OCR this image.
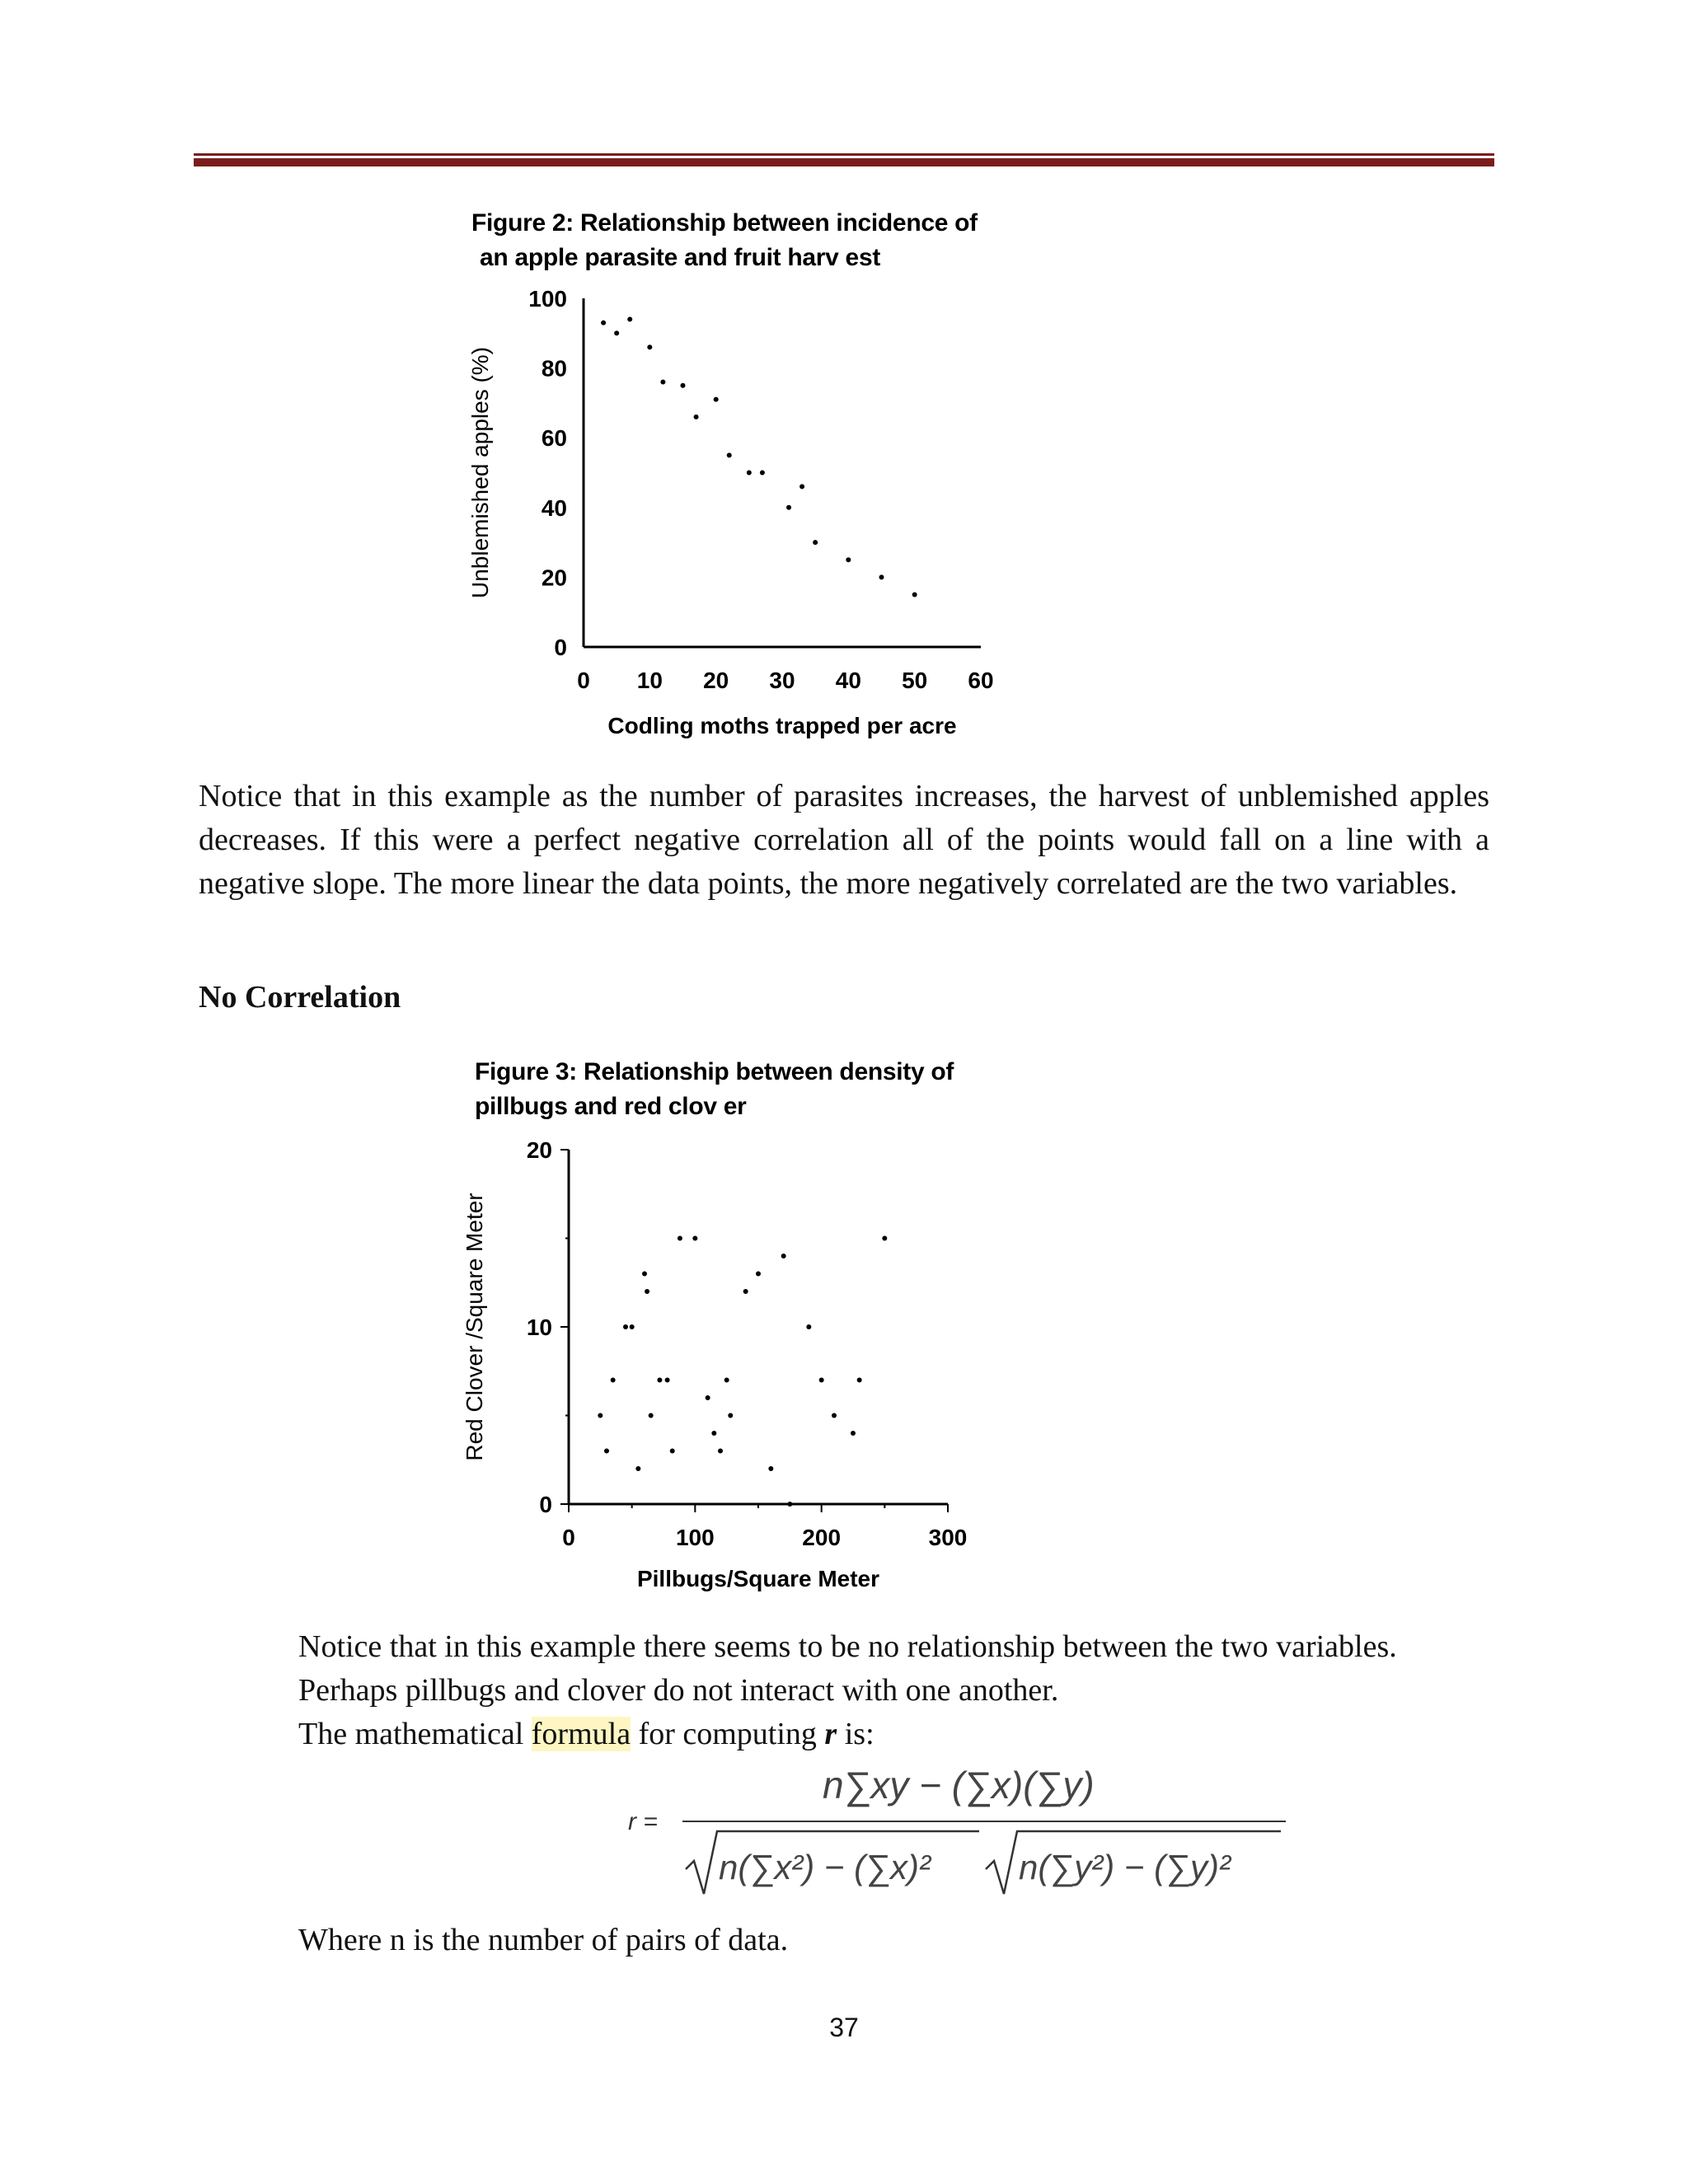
Figure 2: Relationship between incidence of
an apple parasite and fruit harv est
0
20
40
60
80
100
0 10 20 30 40 50 60
Codling moths trapped per acre
Unblemished apples (%)

Notice that in this example as the number of parasites increases, the harvest of unblemished apples decreases. If this were a perfect negative correlation all of the points would fall on a line with a negative slope. The more linear the data points, the more negatively correlated are the two variables.

No Correlation
Figure 3: Relationship between density of
pillbugs and red clov er
0
10
20
0	100	200	300
Pillbugs/Square Meter
Red Clover /Square Meter

Notice that in this example there seems to be no relationship between the two variables.

Perhaps pillbugs and clover do not interact with one another.

The mathematical formula for computing r is:

r =
n∑xy − (∑x)(∑y)
n(∑x²) − (∑x)²	n(∑y²) − (∑y)²

Where n is the number of pairs of data.

37
